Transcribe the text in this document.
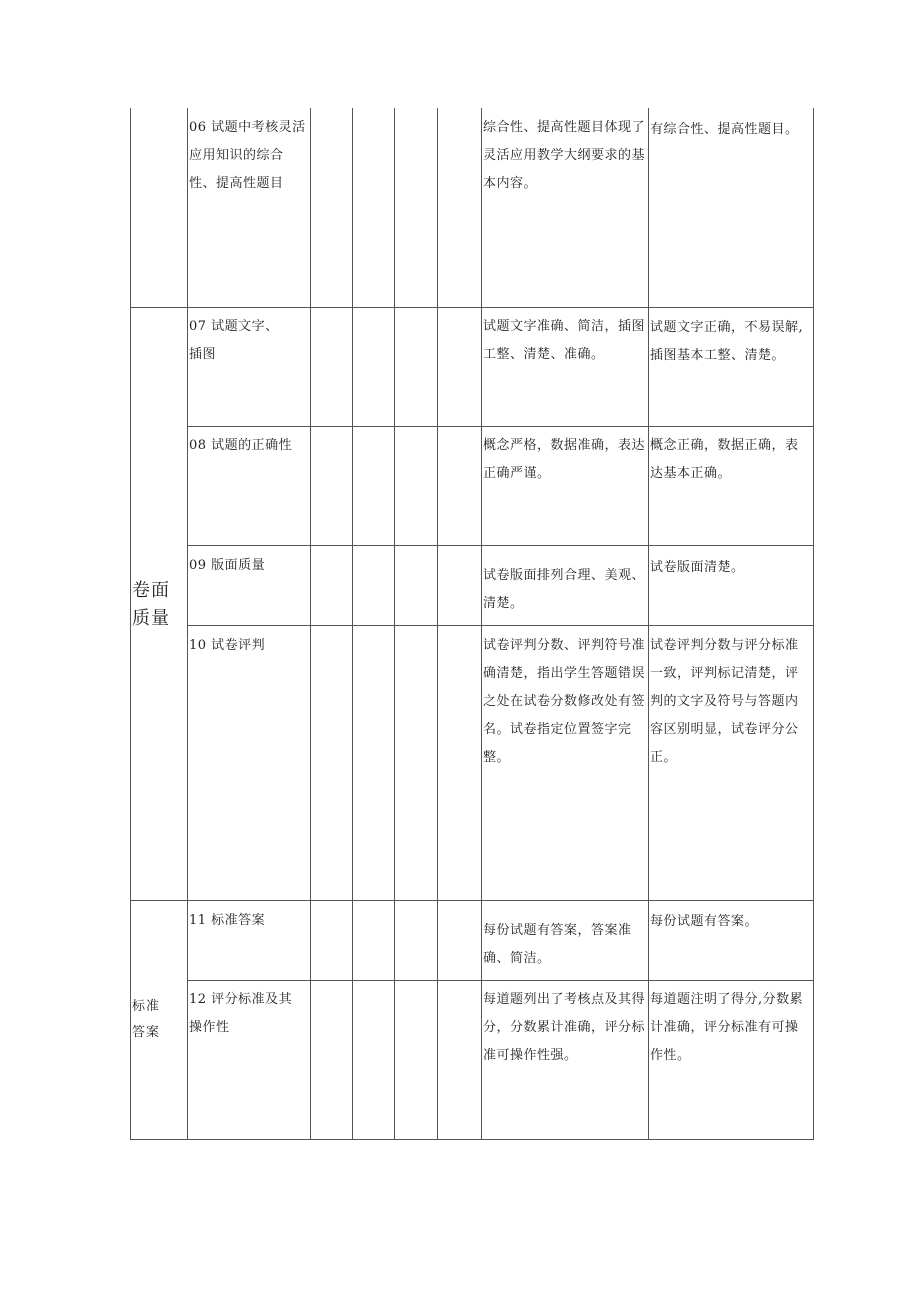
06 试题中考核灵活应用知识的综合性、提高性题目
综合性、提高性题目体现了灵活应用教学大纲要求的基本内容。
有综合性、提高性题目。
卷面质量
07 试题文字、插图
试题文字准确、简洁，插图工整、清楚、准确。
试题文字正确，不易误解,插图基本工整、清楚。
08 试题的正确性	概念严格，数据准确，表达正确严谨。
概念正确，数据正确，表达基本正确。
09 版面质量
试卷版面排列合理、美观、清楚。
试卷版面清楚。
10 试卷评判	试卷评判分数、评判符号准确清楚，指出学生答题错误之处在试卷分数修改处有签名。试卷指定位置签字完整。
试卷评判分数与评分标准一致，评判标记清楚，评判的文字及符号与答题内容区别明显，试卷评分公正。
标准答案
11 标准答案
每份试题有答案，答案准确、简洁。
每份试题有答案。
12 评分标准及其操作性
每道题列出了考核点及其得分，分数累计准确，评分标准可操作性强。
每道题注明了得分,分数累计准确，评分标准有可操作性。
